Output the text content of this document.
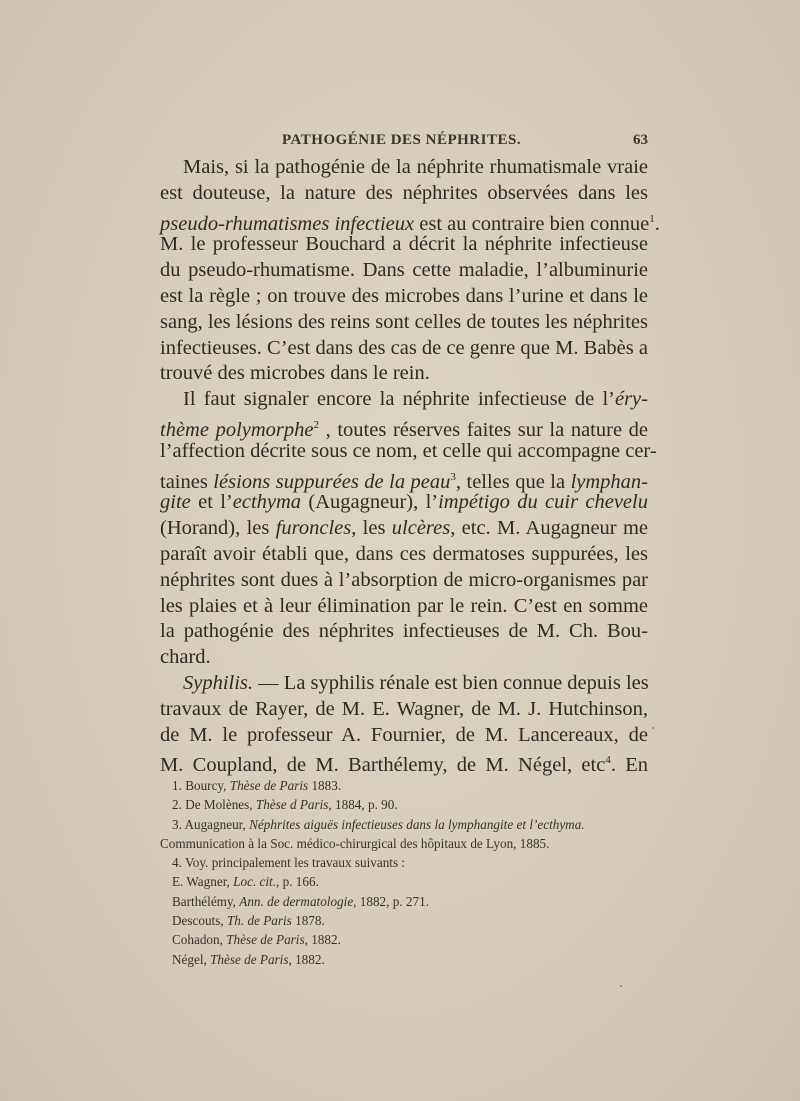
PATHOGÉNIE DES NÉPHRITES.	63
Mais, si la pathogénie de la néphrite rhumatismale vraie
est douteuse, la nature des néphrites observées dans les
pseudo-rhumatismes infectieux est au contraire bien connue$^1$.
M. le professeur Bouchard a décrit la néphrite infectieuse
du pseudo-rhumatisme. Dans cette maladie, l’albuminurie
est la règle ; on trouve des microbes dans l’urine et dans le
sang, les lésions des reins sont celles de toutes les néphrites
infectieuses. C’est dans des cas de ce genre que M. Babès a
trouvé des microbes dans le rein.
Il faut signaler encore la néphrite infectieuse de l’éry-
thème polymorphe$^2$ , toutes réserves faites sur la nature de
l’affection décrite sous ce nom, et celle qui accompagne cer-
taines lésions suppurées de la peau$^3$, telles que la lymphan-
gite et l’ecthyma (Augagneur), l’impétigo du cuir chevelu
(Horand), les furoncles, les ulcères, etc. M. Augagneur me
paraît avoir établi que, dans ces dermatoses suppurées, les
néphrites sont dues à l’absorption de micro-organismes par
les plaies et à leur élimination par le rein. C’est en somme
la pathogénie des néphrites infectieuses de M. Ch. Bou-
chard.
Syphilis. — La syphilis rénale est bien connue depuis les
travaux de Rayer, de M. E. Wagner, de M. J. Hutchinson,
de M. le professeur A. Fournier, de M. Lancereaux, de
M. Coupland, de M. Barthélemy, de M. Négel, etc$^4$. En
1. Bourcy, Thèse de Paris 1883.
2. De Molènes, Thèse d Paris, 1884, p. 90.
3. Augagneur, Néphrites aiguës infectieuses dans la lymphangite et l’ecthyma.
Communication à la Soc. médico-chirurgical des hôpitaux de Lyon, 1885.
4. Voy. principalement les travaux suivants :
E. Wagner, Loc. cit., p. 166.
Barthélémy, Ann. de dermatologie, 1882, p. 271.
Descouts, Th. de Paris 1878.
Cohadon, Thèse de Paris, 1882.
Négel, Thèse de Paris, 1882.
